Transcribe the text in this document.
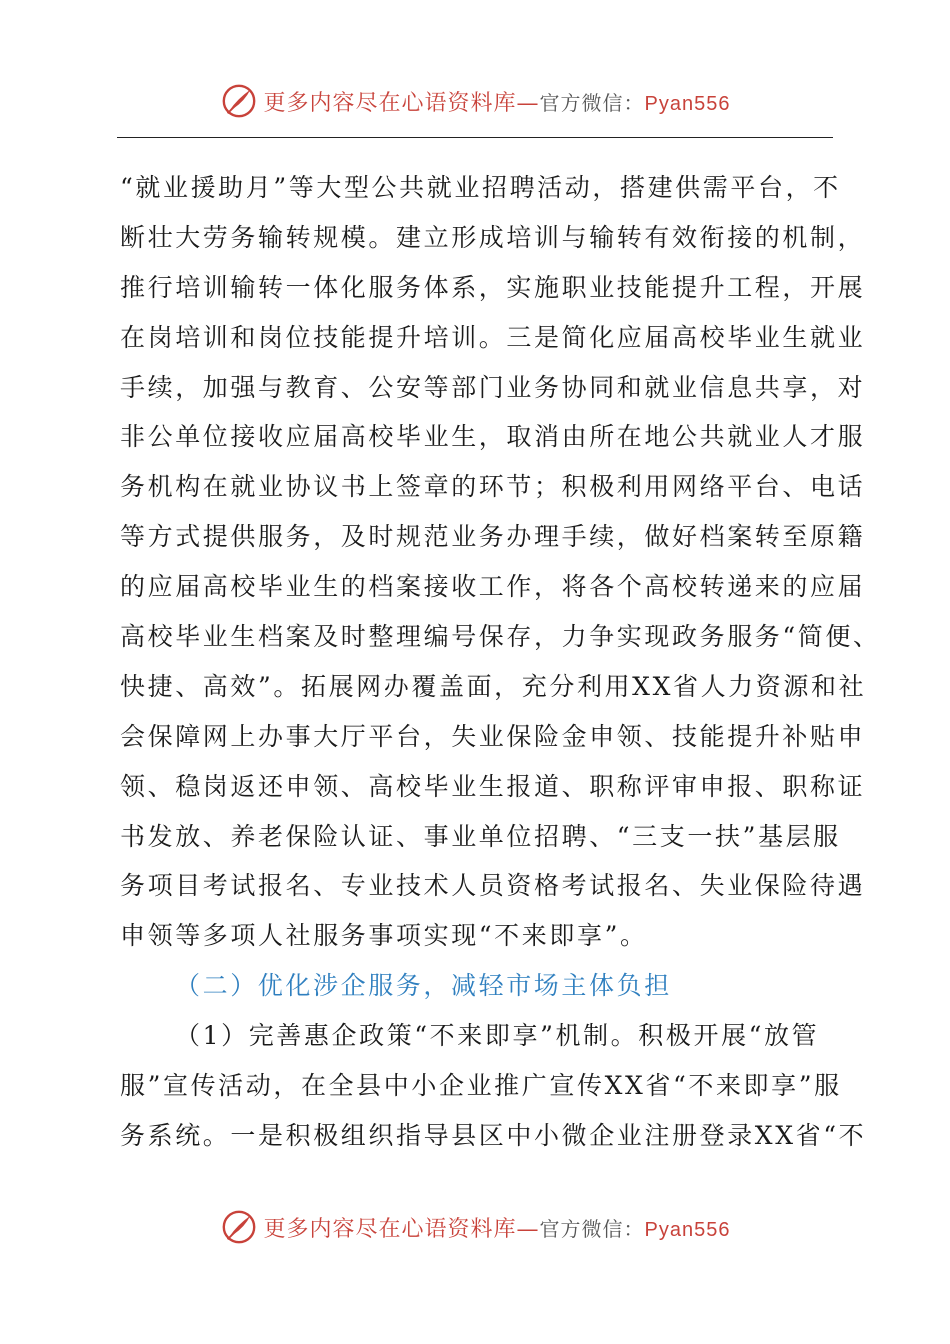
更多内容尽在心语资料库—官方微信：Pyan556
“就业援助月”等大型公共就业招聘活动，搭建供需平台，不
断壮大劳务输转规模。建立形成培训与输转有效衔接的机制，
推行培训输转一体化服务体系，实施职业技能提升工程，开展
在岗培训和岗位技能提升培训。三是简化应届高校毕业生就业
手续，加强与教育、公安等部门业务协同和就业信息共享，对
非公单位接收应届高校毕业生，取消由所在地公共就业人才服
务机构在就业协议书上签章的环节；积极利用网络平台、电话
等方式提供服务，及时规范业务办理手续，做好档案转至原籍
的应届高校毕业生的档案接收工作，将各个高校转递来的应届
高校毕业生档案及时整理编号保存，力争实现政务服务“简便、
快捷、高效”。拓展网办覆盖面，充分利用XX省人力资源和社
会保障网上办事大厅平台，失业保险金申领、技能提升补贴申
领、稳岗返还申领、高校毕业生报道、职称评审申报、职称证
书发放、养老保险认证、事业单位招聘、“三支一扶”基层服
务项目考试报名、专业技术人员资格考试报名、失业保险待遇
申领等多项人社服务事项实现“不来即享”。
（二）优化涉企服务，减轻市场主体负担
（1）完善惠企政策“不来即享”机制。积极开展“放管
服”宣传活动，在全县中小企业推广宣传XX省“不来即享”服
务系统。一是积极组织指导县区中小微企业注册登录XX省“不
更多内容尽在心语资料库—官方微信：Pyan556
